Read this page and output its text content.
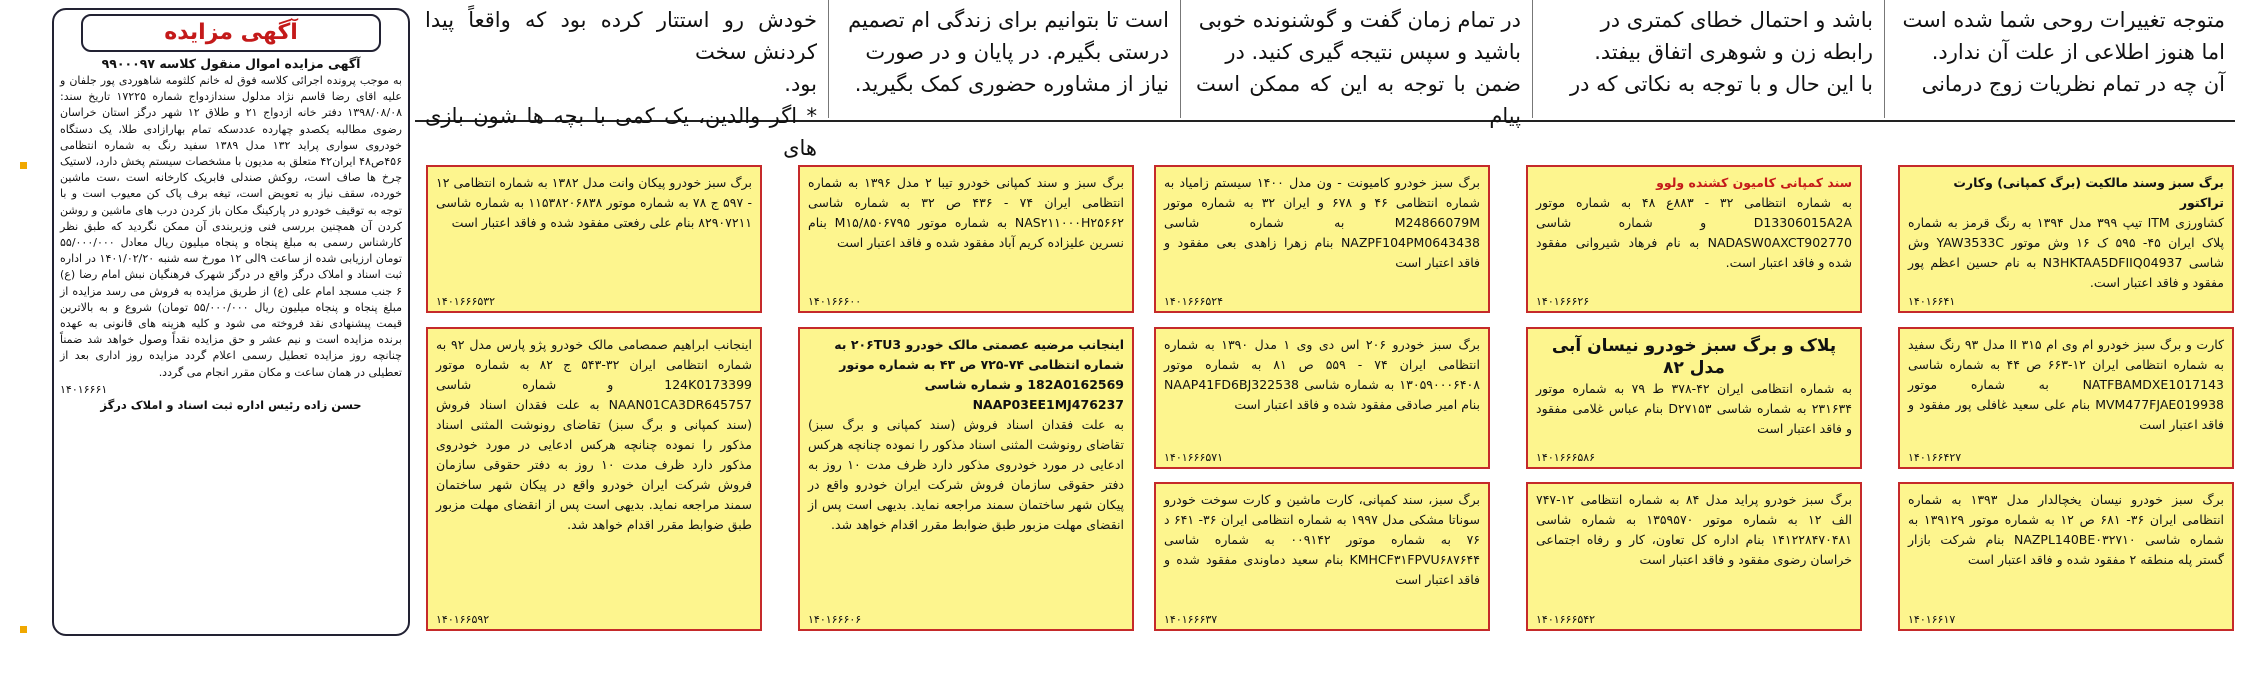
متوجه تغییرات روحی شما شده است
اما هنوز اطلاعی از علت آن ندارد.
آن چه در تمام نظریات زوج درمانی
باشد و احتمال خطای کمتری در
رابطه زن و شوهری اتفاق بیفتد.
با این حال و با توجه به نکاتی که در
در تمام زمان گفت و گوشنونده خوبی
باشید و سپس نتیجه گیری کنید. در
ضمن با توجه به این که ممکن است پیام
است تا بتوانیم برای زندگی ام تصمیم
درستی بگیرم. در پایان و در صورت
نیاز از مشاوره حضوری کمک بگیرید.
خودش رو استتار کرده بود که واقعاً پیدا کردنش سخت
بود.
* اگر والدین، یک کمی با بچه ها شون بازی های
آگهی مزایده
آگهی مزایده اموال منقول کلاسه ۹۹۰۰۰۹۷
به موجب پرونده اجرائی کلاسه فوق له خانم کلثومه شاهوردی پور جلفان و علیه اقای رضا قاسم نژاد مدلول سندازدواج شماره ۱۷۲۲۵ تاریخ سند: ۱۳۹۸/۰۸/۰۸ دفتر خانه ازدواج ۲۱ و طلاق ۱۲ شهر درگز استان خراسان رضوی مطالبه یکصدو چهارده عددسکه تمام بهارازادی طلا، یک دستگاه خودروی سواری پراید ۱۳۲ مدل ۱۳۸۹ سفید رنگ به شماره انتظامی ۴۵۶ص۴۸ ایران۴۲ متعلق به مدیون با مشخصات سیستم پخش دارد، لاستیک چرخ ها صاف است، روکش صندلی فابریک کارخانه است ،ست ماشین خورده، سقف نیاز به تعویض است، تیغه برف پاک کن معیوب است و با توجه به توقیف خودرو در پارکینگ مکان باز کردن درب های ماشین و روشن کردن آن همچنین بررسی فنی وزیربندی آن ممکن نگردید که طبق نظر کارشناس رسمی به مبلغ پنجاه و پنجاه میلیون ریال معادل ۵۵/۰۰۰/۰۰۰ تومان ارزیابی شده از ساعت ۹الی ۱۲ مورخ سه شنبه ۱۴۰۱/۰۲/۲۰ در اداره ثبت اسناد و املاک درگز واقع در درگز شهرک فرهنگیان نبش امام رضا (ع) ۶ جنب مسجد امام علی (ع) از طریق مزایده به فروش می رسد مزایده از مبلغ پنجاه و پنجاه میلیون ریال ۵۵/۰۰۰/۰۰۰ تومان) شروع و به بالاترین قیمت پیشنهادی نقد فروخته می شود و کلیه هزینه های قانونی به عهده برنده مزایده است و نیم عشر و حق مزایده نقداً وصول خواهد شد ضمناً چنانچه روز مزایده تعطیل رسمی اعلام گردد مزایده روز اداری بعد از تعطیلی در همان ساعت و مکان مقرر انجام می گردد.
۱۴۰۱۶۶۶۱
حسن زاده رئیس اداره ثبت اسناد و املاک درگز
برگ سبز وسند مالکیت (برگ کمپانی) وکارت تراکتور
کشاورزی ITM تیپ ۳۹۹ مدل ۱۳۹۴ به رنگ قرمز به شماره پلاک ایران ۴۵- ۵۹۵ ک ۱۶ وش موتور YAW3533C وش شاسی N3HKTAA5DFIIQ04937 به نام حسین اعظم پور مفقود و فاقد اعتبار است.
۱۴۰۱۶۶۴۱
سند کمپانی کامیون کشنده ولوو
به شماره انتظامی ۳۲ - ۸۸۳ع ۴۸ به شماره موتور D13306015A2A و شماره شاسی NADASW0AXCT902770 به نام فرهاد شیروانی مفقود شده و فاقد اعتبار است.
۱۴۰۱۶۶۶۲۶
برگ سبز خودرو کامیونت - ون مدل ۱۴۰۰ سیستم زامیاد به شماره انتظامی ۴۶ و ۶۷۸ و ایران ۳۲ به شماره موتور M24866079M به شماره شاسی NAZPF104PM0643438 بنام زهرا زاهدی بعی مفقود و فاقد اعتبار است
۱۴۰۱۶۶۶۵۲۴
برگ سبز و سند کمپانی خودرو تیبا ۲ مدل ۱۳۹۶ به شماره انتظامی ایران ۷۴ - ۴۳۶ ص ۳۲ به شماره شاسی NAS۲۱۱۰۰۰H۲۵۶۶۲ به شماره موتور M۱۵/۸۵۰۶۷۹۵ بنام نسرین علیزاده کریم آباد مفقود شده و فاقد اعتبار است
۱۴۰۱۶۶۶۰۰
برگ سبز خودرو پیکان وانت مدل ۱۳۸۲ به شماره انتظامی ۱۲ - ۵۹۷ ج ۷۸ به شماره موتور ۱۱۵۳۸۲۰۶۸۳۸ به شماره شاسی ۸۲۹۰۷۲۱۱ بنام علی رفعتی مفقود شده و فاقد اعتبار است
۱۴۰۱۶۶۶۵۳۲
کارت و برگ سبز خودرو ام وی ام ۳۱۵ II مدل ۹۳ رنگ سفید به شماره انتظامی ایران ۱۲-۶۶۳ ص ۴۴ به شماره شاسی NATFBAMDXE1017143 به شماره موتور MVM477FJAE019938 بنام علی سعید غافلی پور مفقود و فاقد اعتبار است
۱۴۰۱۶۶۴۲۷
پلاک و برگ سبز خودرو نیسان آبی مدل ۸۲
به شماره انتظامی ایران ۴۲-۳۷۸ ط ۷۹ به شماره موتور ۲۳۱۶۳۴ به شماره شاسی D۲۷۱۵۳ بنام عباس غلامی مفقود و فاقد اعتبار است
۱۴۰۱۶۶۶۵۸۶
برگ سبز خودرو ۲۰۶ اس دی وی ۱ مدل ۱۳۹۰ به شماره انتظامی ایران ۷۴ - ۵۵۹ ص ۸۱ به شماره موتور ۱۳۰۵۹۰۰۰۶۴۰۸ به شماره شاسی NAAP41FD6BJ322538 بنام امیر صادقی مفقود شده و فاقد اعتبار است
۱۴۰۱۶۶۶۵۷۱
اینجانب مرضیه عصمتی مالک خودرو ۲۰۶TU3 به شماره انتظامی ۷۴-۷۲۵ ص ۴۳ به شماره موتور 182A0162569 و شماره شاسی NAAP03EE1MJ476237
به علت فقدان اسناد فروش (سند کمپانی و برگ سبز) تقاضای رونوشت المثنی اسناد مذکور را نموده چنانچه هرکس ادعایی در مورد خودروی مذکور دارد ظرف مدت ۱۰ روز به دفتر حقوقی سازمان فروش شرکت ایران خودرو واقع در پیکان شهر ساختمان سمند مراجعه نماید. بدیهی است پس از انقضای مهلت مزبور طبق ضوابط مقرر اقدام خواهد شد.
۱۴۰۱۶۶۶۰۶
اینجانب ابراهیم صمصامی مالک خودرو پژو پارس مدل ۹۲ به شماره انتظامی ایران ۳۲-۵۴۳ ج ۸۲ به شماره موتور 124K0173399 و شماره شاسی NAAN01CA3DR645757 به علت فقدان اسناد فروش (سند کمپانی و برگ سبز) تقاضای رونوشت المثنی اسناد مذکور را نموده چنانچه هرکس ادعایی در مورد خودروی مذکور دارد ظرف مدت ۱۰ روز به دفتر حقوقی سازمان فروش شرکت ایران خودرو واقع در پیکان شهر ساختمان سمند مراجعه نماید. بدیهی است پس از انقضای مهلت مزبور طبق ضوابط مقرر اقدام خواهد شد.
۱۴۰۱۶۶۵۹۲
برگ سبز خودرو نیسان یخچالدار مدل ۱۳۹۳ به شماره انتظامی ایران ۳۶- ۶۸۱ ص ۱۲ به شماره موتور ۱۳۹۱۲۹ به شماره شاسی NAZPL140BE۰۳۲۷۱۰ بنام شرکت بازار گستر پله منطقه ۲ مفقود شده و فاقد اعتبار است
۱۴۰۱۶۶۱۷
برگ سبز خودرو پراید مدل ۸۴ به شماره انتظامی ۱۲-۷۴۷ الف ۱۲ به شماره موتور ۱۳۵۹۵۷۰ به شماره شاسی ۱۴۱۲۲۸۴۷۰۴۸۱ بنام اداره کل تعاون، کار و رفاه اجتماعی خراسان رضوی مفقود و فاقد اعتبار است
۱۴۰۱۶۶۶۵۴۲
برگ سبز، سند کمپانی، کارت ماشین و کارت سوخت خودرو سوناتا مشکی مدل ۱۹۹۷ به شماره انتظامی ایران ۳۶- ۶۴۱ د ۷۶ به شماره موتور ۰۰۹۱۴۲ به شماره شاسی KMHCF۳۱FPVU۶۸۷۶۴۴ بنام سعید دماوندی مفقود شده و فاقد اعتبار است
۱۴۰۱۶۶۶۳۷
